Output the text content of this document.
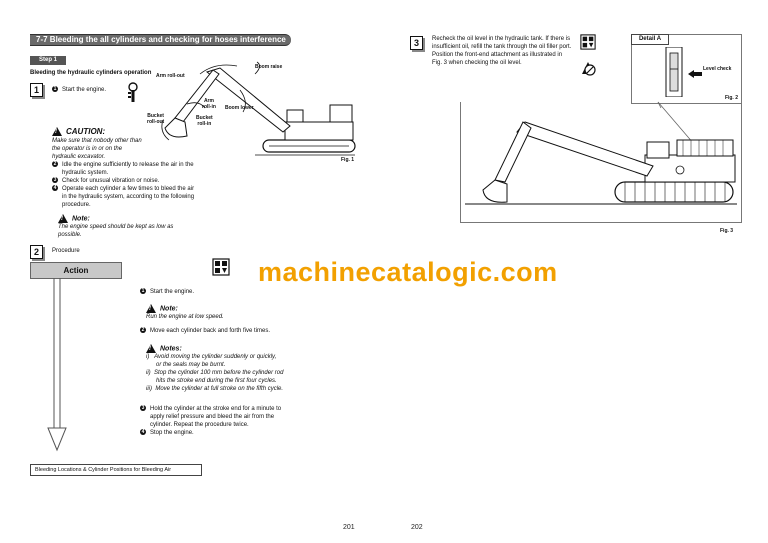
7-7 Bleeding the all cylinders and checking for hoses interference
Step 1
Bleeding the hydraulic cylinders operation
1	1 Start the engine.
! CAUTION:
Make sure that nobody other than
the operator is in or on the
hydraulic excavator.
Arm roll-out
Boom raise
Arm
roll-in Boom lower
Bucket
roll-out
Bucket
roll-in
Fig. 1
2 Idle the engine sufficiently to release the air in the
hydraulic system.
3 Check for unusual vibration or noise.
4 Operate each cylinder a few times to bleed the air
in the hydraulic system, according to the following
procedure.
! Note:
The engine speed should be kept as low as
possible.
2	Procedure
Action
1 Start the engine.
! Note:
Run the engine at low speed.
2 Move each cylinder back and forth five times.
! Notes:
i)   Avoid moving the cylinder suddenly or quickly,
or the seals may be burnt.
ii)  Stop the cylinder 100 mm before the cylinder rod
hits the stroke end during the first four cycles.
iii)  Move the cylinder at full stroke on the fifth cycle.
3 Hold the cylinder at the stroke end for a minute to
apply relief pressure and bleed the air from the
cylinder. Repeat the procedure twice.
4 Stop the engine.
Bleeding Locations & Cylinder Positions for Bleeding Air
201
3	Recheck the oil level in the hydraulic tank. If there is
insufficient oil, refill the tank through the oil filler port.
Position the front-end attachment as illustrated in
Fig. 3 when checking the oil level.
Detail A
Level check
Fig. 2
Fig. 3
202
machinecatalogic.com
